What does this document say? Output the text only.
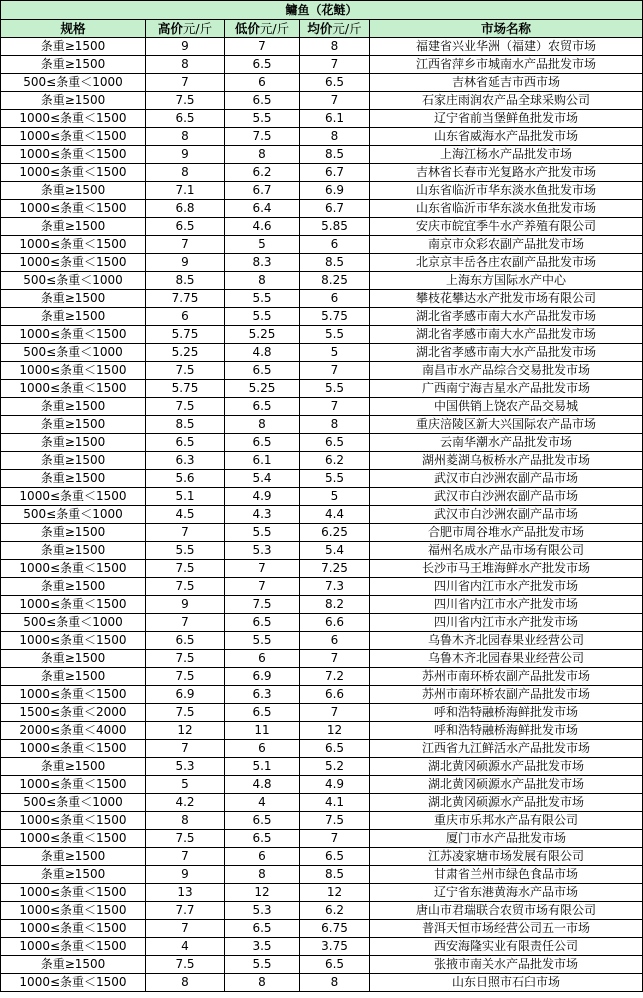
鳙鱼（花鲢）				
规格	高价元/斤	低价元/斤	均价元/斤	市场名称
条重≥1500	9	7	8	福建省兴业华洲（福建）农贸市场
条重≥1500	8	6.5	7	江西省萍乡市城南水产品批发市场
500≤条重＜1000	7	6	6.5	吉林省延吉市西市场
条重≥1500	7.5	6.5	7	石家庄雨润农产品全球采购公司
1000≤条重＜1500	6.5	5.5	6.1	辽宁省前当堡鲜鱼批发市场
1000≤条重＜1500	8	7.5	8	山东省威海水产品批发市场
1000≤条重＜1500	9	8	8.5	上海江杨水产品批发市场
1000≤条重＜1500	8	6.2	6.7	吉林省长春市光复路水产批发市场
条重≥1500	7.1	6.7	6.9	山东省临沂市华东淡水鱼批发市场
1000≤条重＜1500	6.8	6.4	6.7	山东省临沂市华东淡水鱼批发市场
条重≥1500	6.5	4.6	5.85	安庆市皖宜季牛水产养殖有限公司
1000≤条重＜1500	7	5	6	南京市众彩农副产品批发市场
1000≤条重＜1500	9	8.3	8.5	北京京丰岳各庄农副产品批发市场
500≤条重＜1000	8.5	8	8.25	上海东方国际水产中心
条重≥1500	7.75	5.5	6	攀枝花攀达水产批发市场有限公司
条重≥1500	6	5.5	5.75	湖北省孝感市南大水产品批发市场
1000≤条重＜1500	5.75	5.25	5.5	湖北省孝感市南大水产品批发市场
500≤条重＜1000	5.25	4.8	5	湖北省孝感市南大水产品批发市场
1000≤条重＜1500	7.5	6.5	7	南昌市水产品综合交易批发市场
1000≤条重＜1500	5.75	5.25	5.5	广西南宁海吉星水产品批发市场
条重≥1500	7.5	6.5	7	中国供销上饶农产品交易城
条重≥1500	8.5	8	8	重庆涪陵区新大兴国际农产品市场
条重≥1500	6.5	6.5	6.5	云南华潮水产品批发市场
条重≥1500	6.3	6.1	6.2	湖州菱湖乌板桥水产品批发市场
条重≥1500	5.6	5.4	5.5	武汉市白沙洲农副产品市场
1000≤条重＜1500	5.1	4.9	5	武汉市白沙洲农副产品市场
500≤条重＜1000	4.5	4.3	4.4	武汉市白沙洲农副产品市场
条重≥1500	7	5.5	6.25	合肥市周谷堆水产品批发市场
条重≥1500	5.5	5.3	5.4	福州名成水产品市场有限公司
1000≤条重＜1500	7.5	7	7.25	长沙市马王堆海鲜水产批发市场
条重≥1500	7.5	7	7.3	四川省内江市水产批发市场
1000≤条重＜1500	9	7.5	8.2	四川省内江市水产批发市场
500≤条重＜1000	7	6.5	6.6	四川省内江市水产批发市场
1000≤条重＜1500	6.5	5.5	6	乌鲁木齐北园春果业经营公司
条重≥1500	7.5	6	7	乌鲁木齐北园春果业经营公司
条重≥1500	7.5	6.9	7.2	苏州市南环桥农副产品批发市场
1000≤条重＜1500	6.9	6.3	6.6	苏州市南环桥农副产品批发市场
1500≤条重＜2000	7.5	6.5	7	呼和浩特融桥海鲜批发市场
2000≤条重＜4000	12	11	12	呼和浩特融桥海鲜批发市场
1000≤条重＜1500	7	6	6.5	江西省九江鲜活水产品批发市场
条重≥1500	5.3	5.1	5.2	湖北黄冈硕源水产品批发市场
1000≤条重＜1500	5	4.8	4.9	湖北黄冈硕源水产品批发市场
500≤条重＜1000	4.2	4	4.1	湖北黄冈硕源水产品批发市场
1000≤条重＜1500	8	6.5	7.5	重庆市乐邦水产品有限公司
1000≤条重＜1500	7.5	6.5	7	厦门市水产品批发市场
条重≥1500	7	6	6.5	江苏凌家塘市场发展有限公司
条重≥1500	9	8	8.5	甘肃省兰州市绿色食品市场
1000≤条重＜1500	13	12	12	辽宁省东港黄海水产品市场
1000≤条重＜1500	7.7	5.3	6.2	唐山市君瑞联合农贸市场有限公司
1000≤条重＜1500	7	6.5	6.75	普洱天恒市场经营公司五一市场
1000≤条重＜1500	4	3.5	3.75	西安海隆实业有限责任公司
条重≥1500	7.5	5.5	6.5	张掖市南关水产品批发市场
1000≤条重＜1500	8	8	8	山东日照市石臼市场
